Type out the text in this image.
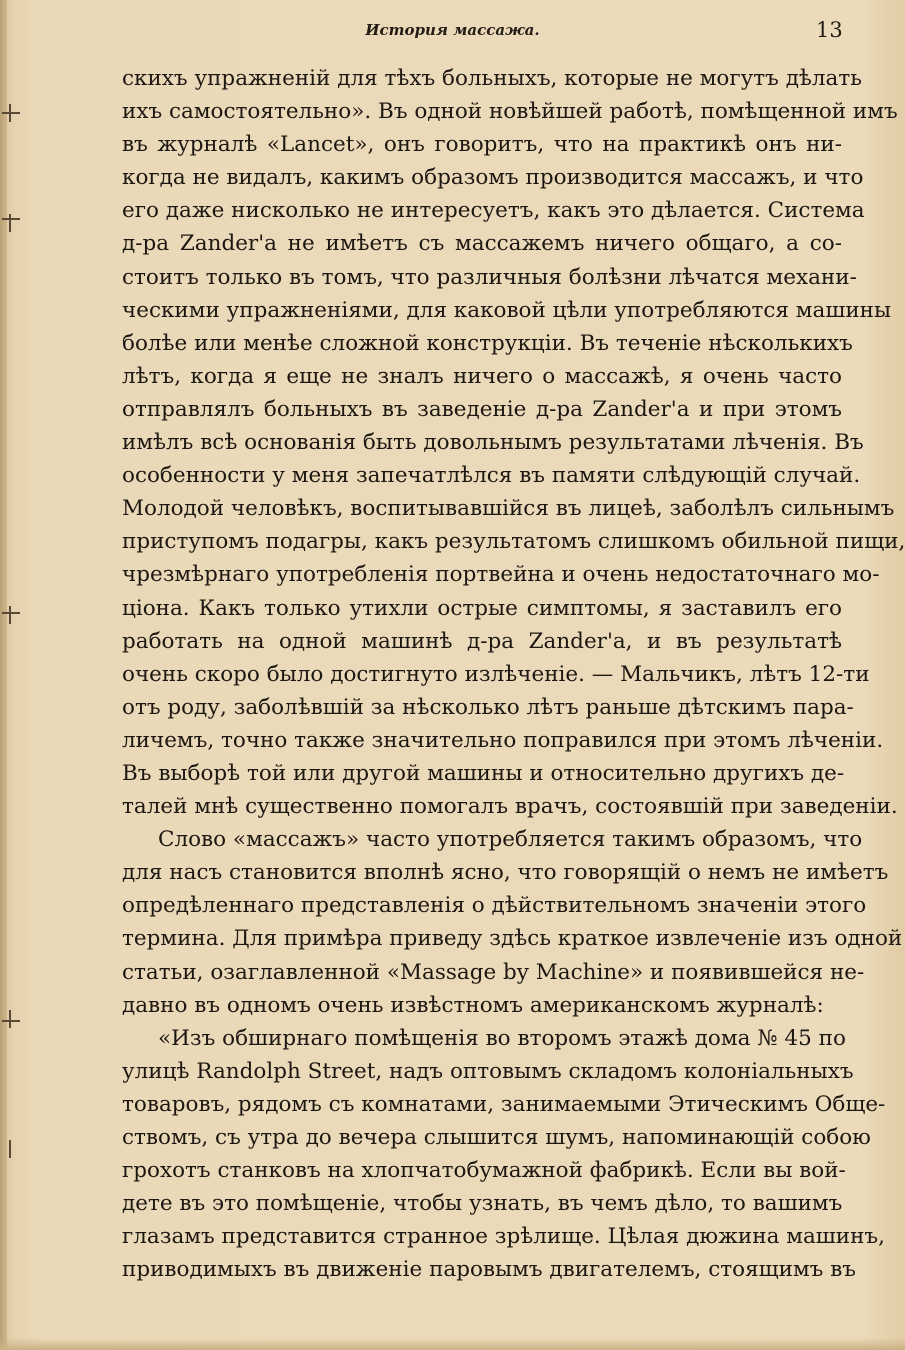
История массажа.	13
скихъ упражненій для тѣхъ больныхъ, которые не могутъ дѣлать
ихъ самостоятельно». Въ одной новѣйшей работѣ, помѣщенной имъ
въ журналѣ «Lancet», онъ говоритъ, что на практикѣ онъ ни-
когда не видалъ, какимъ образомъ производится массажъ, и что
его даже нисколько не интересуетъ, какъ это дѣлается. Система
д-ра Zander'а не имѣетъ съ массажемъ ничего общаго, а со-
стоитъ только въ томъ, что различныя болѣзни лѣчатся механи-
ческими упражненіями, для каковой цѣли употребляются машины
болѣе или менѣе сложной конструкціи. Въ теченіе нѣсколькихъ
лѣтъ, когда я еще не зналъ ничего о массажѣ, я очень часто
отправлялъ больныхъ въ заведеніе д-ра Zander'а и при этомъ
имѣлъ всѣ основанія быть довольнымъ результатами лѣченія. Въ
особенности у меня запечатлѣлся въ памяти слѣдующій случай.
Молодой человѣкъ, воспитывавшійся въ лицеѣ, заболѣлъ сильнымъ
приступомъ подагры, какъ результатомъ слишкомъ обильной пищи,
чрезмѣрнаго употребленія портвейна и очень недостаточнаго мо-
ціона. Какъ только утихли острые симптомы, я заставилъ его
работать на одной машинѣ д-ра Zander'а, и въ результатѣ
очень скоро было достигнуто излѣченіе. — Мальчикъ, лѣтъ 12-ти
отъ роду, заболѣвшій за нѣсколько лѣтъ раньше дѣтскимъ пара-
личемъ, точно также значительно поправился при этомъ лѣченіи.
Въ выборѣ той или другой машины и относительно другихъ де-
талей мнѣ существенно помогалъ врачъ, состоявшій при заведеніи.
Слово «массажъ» часто употребляется такимъ образомъ, что
для насъ становится вполнѣ ясно, что говорящій о немъ не имѣетъ
опредѣленнаго представленія о дѣйствительномъ значеніи этого
термина. Для примѣра приведу здѣсь краткое извлеченіе изъ одной
статьи, озаглавленной «Massage by Machine» и появившейся не-
давно въ одномъ очень извѣстномъ американскомъ журналѣ:
«Изъ обширнаго помѣщенія во второмъ этажѣ дома № 45 по
улицѣ Randolph Street, надъ оптовымъ складомъ колоніальныхъ
товаровъ, рядомъ съ комнатами, занимаемыми Этическимъ Обще-
ствомъ, съ утра до вечера слышится шумъ, напоминающій собою
грохотъ станковъ на хлопчатобумажной фабрикѣ. Если вы вой-
дете въ это помѣщеніе, чтобы узнать, въ чемъ дѣло, то вашимъ
глазамъ представится странное зрѣлище. Цѣлая дюжина машинъ,
приводимыхъ въ движеніе паровымъ двигателемъ, стоящимъ въ
